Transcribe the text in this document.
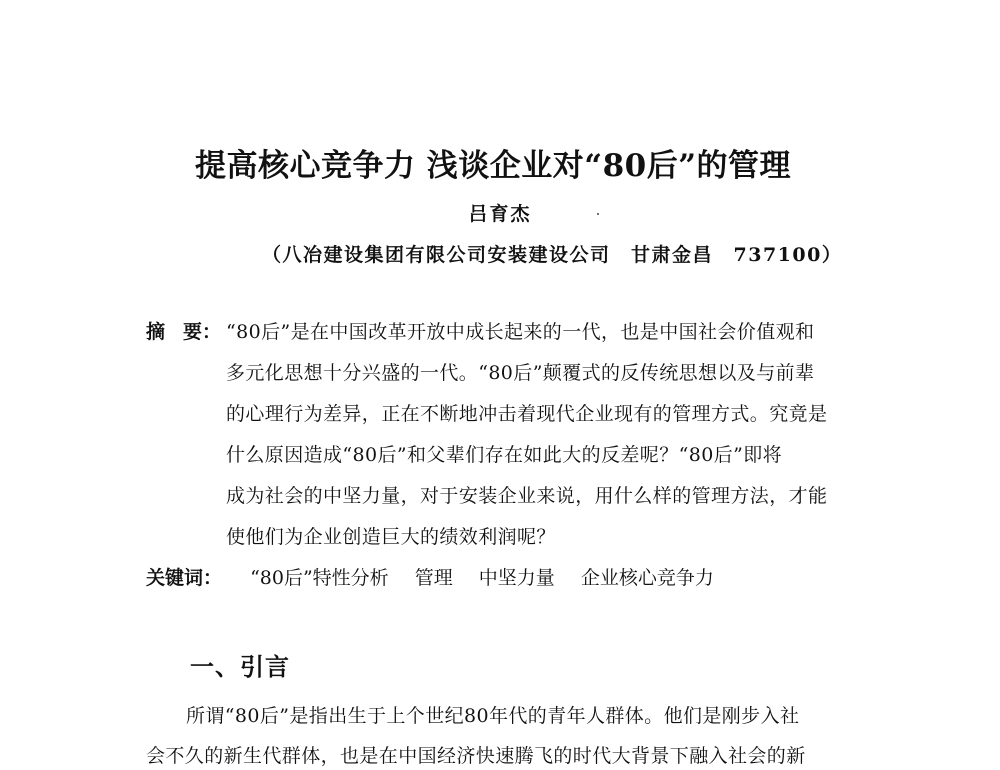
提高核心竞争力 浅谈企业对“80后”的管理
吕育杰
（八冶建设集团有限公司安装建设公司　甘肃金昌　737100）
摘 要： “80后”是在中国改革开放中成长起来的一代，也是中国社会价值观和
多元化思想十分兴盛的一代。“80后”颠覆式的反传统思想以及与前辈
的心理行为差异，正在不断地冲击着现代企业现有的管理方式。究竟是
什么原因造成“80后”和父辈们存在如此大的反差呢？“80后”即将
成为社会的中坚力量，对于安装企业来说，用什么样的管理方法，才能
使他们为企业创造巨大的绩效利润呢？
关键词： “80后”特性分析 管理 中坚力量 企业核心竞争力
一、引言
所谓“80后”是指出生于上个世纪80年代的青年人群体。他们是刚步入社
会不久的新生代群体，也是在中国经济快速腾飞的时代大背景下融入社会的新
